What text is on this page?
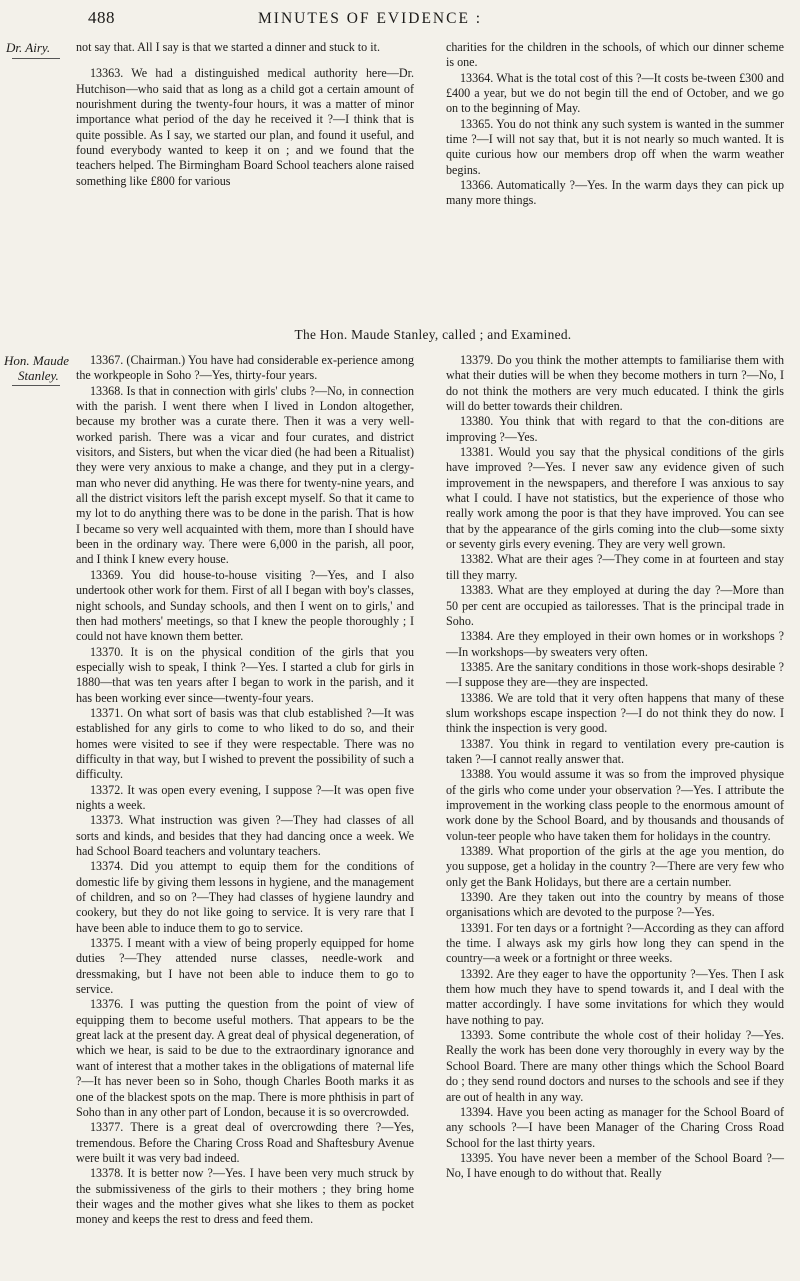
488	MINUTES OF EVIDENCE :
Dr. Airy.
Hon. Maude
Stanley.

not say that. All I say is that we started a dinner and stuck to it.

13363. We had a distinguished medical authority here—Dr. Hutchison—who said that as long as a child got a certain amount of nourishment during the twenty-four hours, it was a matter of minor importance what period of the day he received it ?—I think that is quite possible. As I say, we started our plan, and found it useful, and found everybody wanted to keep it on ; and we found that the teachers helped. The Birmingham Board School teachers alone raised something like £800 for various

charities for the children in the schools, of which our dinner scheme is one.

13364. What is the total cost of this ?—It costs be-tween £300 and £400 a year, but we do not begin till the end of October, and we go on to the beginning of May.

13365. You do not think any such system is wanted in the summer time ?—I will not say that, but it is not nearly so much wanted. It is quite curious how our members drop off when the warm weather begins.

13366. Automatically ?—Yes. In the warm days they can pick up many more things.

The Hon. Maude Stanley, called ; and Examined.

13367. (Chairman.) You have had considerable ex-perience among the workpeople in Soho ?—Yes, thirty-four years.

13368. Is that in connection with girls' clubs ?—No, in connection with the parish. I went there when I lived in London altogether, because my brother was a curate there. Then it was a very well-worked parish. There was a vicar and four curates, and district visitors, and Sisters, but when the vicar died (he had been a Ritualist) they were very anxious to make a change, and they put in a clergy-man who never did anything. He was there for twenty-nine years, and all the district visitors left the parish except myself. So that it came to my lot to do anything there was to be done in the parish. That is how I became so very well acquainted with them, more than I should have been in the ordinary way. There were 6,000 in the parish, all poor, and I think I knew every house.

13369. You did house-to-house visiting ?—Yes, and I also undertook other work for them. First of all I began with boy's classes, night schools, and Sunday schools, and then I went on to girls,' and then had mothers' meetings, so that I knew the people thoroughly ; I could not have known them better.

13370. It is on the physical condition of the girls that you especially wish to speak, I think ?—Yes. I started a club for girls in 1880—that was ten years after I began to work in the parish, and it has been working ever since—twenty-four years.

13371. On what sort of basis was that club established ?—It was established for any girls to come to who liked to do so, and their homes were visited to see if they were respectable. There was no difficulty in that way, but I wished to prevent the possibility of such a difficulty.

13372. It was open every evening, I suppose ?—It was open five nights a week.

13373. What instruction was given ?—They had classes of all sorts and kinds, and besides that they had dancing once a week. We had School Board teachers and voluntary teachers.

13374. Did you attempt to equip them for the conditions of domestic life by giving them lessons in hygiene, and the management of children, and so on ?—They had classes of hygiene laundry and cookery, but they do not like going to service. It is very rare that I have been able to induce them to go to service.

13375. I meant with a view of being properly equipped for home duties ?—They attended nurse classes, needle-work and dressmaking, but I have not been able to induce them to go to service.

13376. I was putting the question from the point of view of equipping them to become useful mothers. That appears to be the great lack at the present day. A great deal of physical degeneration, of which we hear, is said to be due to the extraordinary ignorance and want of interest that a mother takes in the obligations of maternal life ?—It has never been so in Soho, though Charles Booth marks it as one of the blackest spots on the map. There is more phthisis in part of Soho than in any other part of London, because it is so overcrowded.

13377. There is a great deal of overcrowding there ?—Yes, tremendous. Before the Charing Cross Road and Shaftesbury Avenue were built it was very bad indeed.

13378. It is better now ?—Yes. I have been very much struck by the submissiveness of the girls to their mothers ; they bring home their wages and the mother gives what she likes to them as pocket money and keeps the rest to dress and feed them.

13379. Do you think the mother attempts to familiarise them with what their duties will be when they become mothers in turn ?—No, I do not think the mothers are very much educated. I think the girls will do better towards their children.

13380. You think that with regard to that the con-ditions are improving ?—Yes.

13381. Would you say that the physical conditions of the girls have improved ?—Yes. I never saw any evidence given of such improvement in the newspapers, and therefore I was anxious to say what I could. I have not statistics, but the experience of those who really work among the poor is that they have improved. You can see that by the appearance of the girls coming into the club—some sixty or seventy girls every evening. They are very well grown.

13382. What are their ages ?—They come in at fourteen and stay till they marry.

13383. What are they employed at during the day ?—More than 50 per cent are occupied as tailoresses. That is the principal trade in Soho.

13384. Are they employed in their own homes or in workshops ?—In workshops—by sweaters very often.

13385. Are the sanitary conditions in those work-shops desirable ?—I suppose they are—they are inspected.

13386. We are told that it very often happens that many of these slum workshops escape inspection ?—I do not think they do now. I think the inspection is very good.

13387. You think in regard to ventilation every pre-caution is taken ?—I cannot really answer that.

13388. You would assume it was so from the improved physique of the girls who come under your observation ?—Yes. I attribute the improvement in the working class people to the enormous amount of work done by the School Board, and by thousands and thousands of volun-teer people who have taken them for holidays in the country.

13389. What proportion of the girls at the age you mention, do you suppose, get a holiday in the country ?—There are very few who only get the Bank Holidays, but there are a certain number.

13390. Are they taken out into the country by means of those organisations which are devoted to the purpose ?—Yes.

13391. For ten days or a fortnight ?—According as they can afford the time. I always ask my girls how long they can spend in the country—a week or a fortnight or three weeks.

13392. Are they eager to have the opportunity ?—Yes. Then I ask them how much they have to spend towards it, and I deal with the matter accordingly. I have some invitations for which they would have nothing to pay.

13393. Some contribute the whole cost of their holiday ?—Yes. Really the work has been done very thoroughly in every way by the School Board. There are many other things which the School Board do ; they send round doctors and nurses to the schools and see if they are out of health in any way.

13394. Have you been acting as manager for the School Board of any schools ?—I have been Manager of the Charing Cross Road School for the last thirty years.

13395. You have never been a member of the School Board ?—No, I have enough to do without that. Really
